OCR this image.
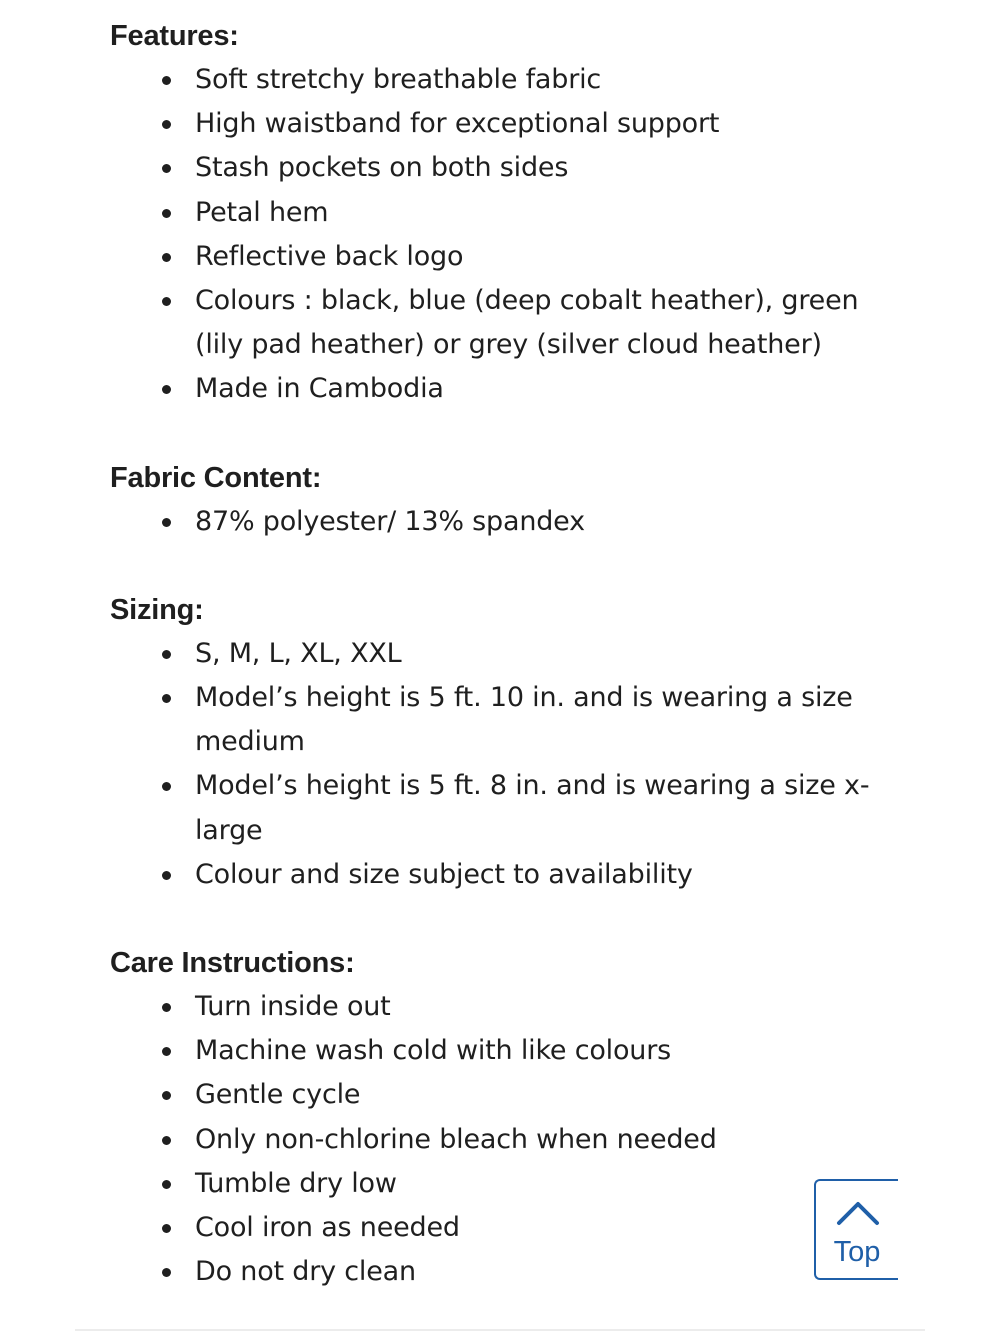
Features:
Soft stretchy breathable fabric
High waistband for exceptional support
Stash pockets on both sides
Petal hem
Reflective back logo
Colours : black, blue (deep cobalt heather), green (lily pad heather) or grey (silver cloud heather)
Made in Cambodia
Fabric Content:
87% polyester/ 13% spandex
Sizing:
S, M, L, XL, XXL
Model’s height is 5 ft. 10 in. and is wearing a size medium
Model’s height is 5 ft. 8 in. and is wearing a size x-large
Colour and size subject to availability
Care Instructions:
Turn inside out
Machine wash cold with like colours
Gentle cycle
Only non-chlorine bleach when needed
Tumble dry low
Cool iron as needed
Do not dry clean
Top
